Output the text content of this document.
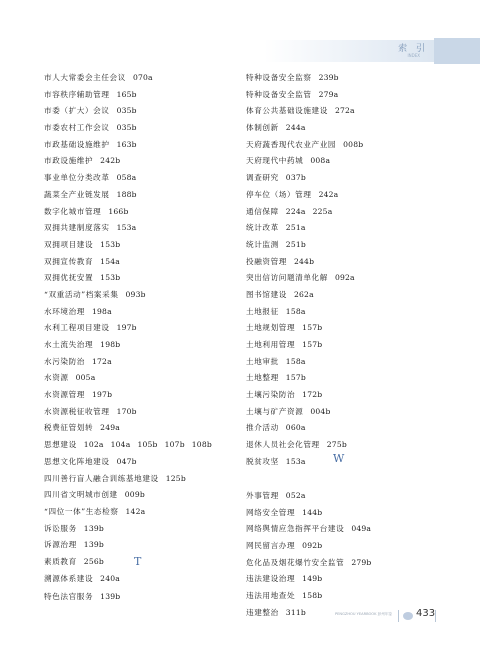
索 引
INDEX
市人大常委会主任会议 070a
市容秩序辅助管理 165b
市委（扩大）会议 035b
市委农村工作会议 035b
市政基础设施维护 163b
市政设施维护 242b
事业单位分类改革 058a
蔬菜全产业链发展 188b
数字化城市管理 166b
双拥共建制度落实 153a
双拥项目建设 153b
双拥宣传教育 154a
双拥优抚安置 153b
“双重活动”档案采集 093b
水环境治理 198a
水利工程项目建设 197b
水土流失治理 198b
水污染防治 172a
水资源 005a
水资源管理 197b
水资源税征收管理 170b
税费征管划转 249a
思想建设 102a 104a 105b 107b 108b
思想文化阵地建设 047b
四川善行盲人融合训练基地建设 125b
四川省文明城市创建 009b
“四位一体”生态检察 142a
诉讼服务 139b
诉源治理 139b
素质教育 256b
溯源体系建设 240a
特种设备安全监察 239b
特种设备安全监管 279a
体育公共基础设施建设 272a
体制创新 244a
天府蔬香现代农业产业园 008b
天府现代中药城 008a
调查研究 037b
停车位（场）管理 242a
通信保障 224a 225a
统计改革 251a
统计监测 251b
投融资管理 244b
突出信访问题清单化解 092a
图书馆建设 262a
土地报征 158a
土地规划管理 157b
土地利用管理 157b
土地审批 158a
土地整理 157b
土壤污染防治 172b
土壤与矿产资源 004b
推介活动 060a
退休人员社会化管理 275b
脱贫攻坚 153a
T
特色法官服务 139b
W
外事管理 052a
网络安全管理 144b
网络舆情应急指挥平台建设 049a
网民留言办理 092b
危化品及烟花爆竹安全监管 279b
违法建设治理 149b
违法用地查处 158b
违建整治 311b	PENGZHOU YEARBOOK 彭州年鉴 433
